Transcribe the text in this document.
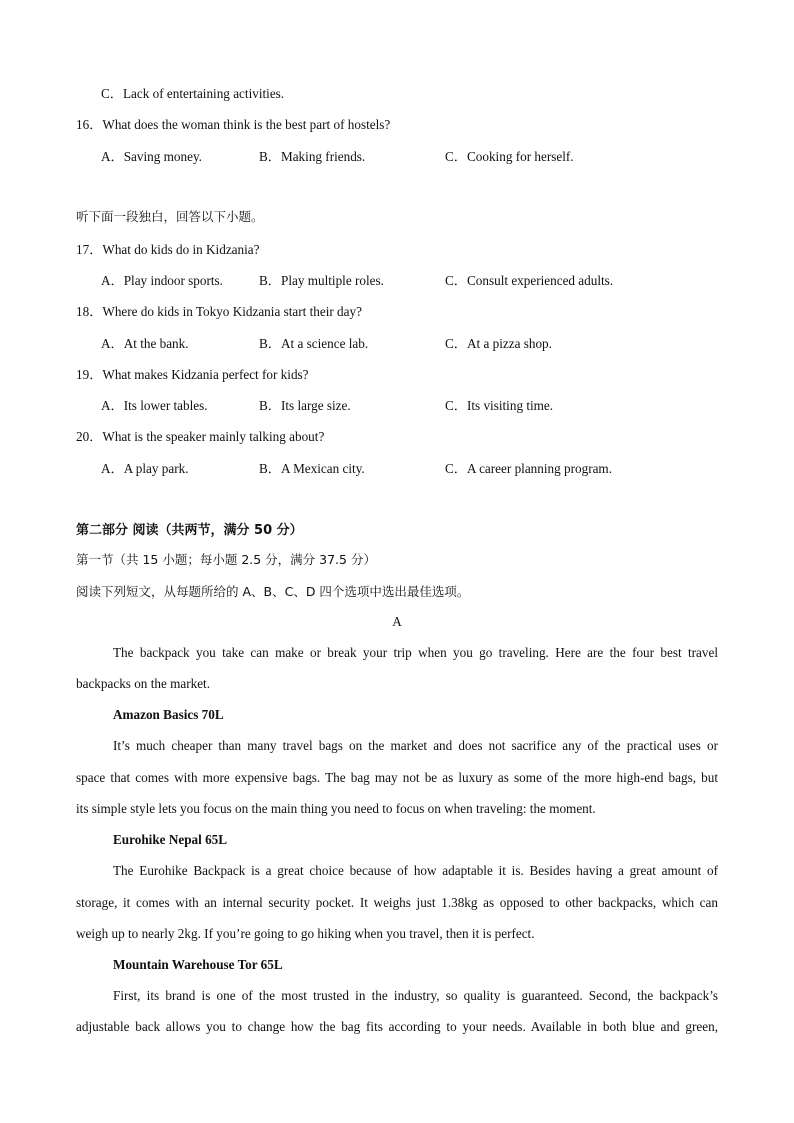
C．Lack of entertaining activities.
16．What does the woman think is the best part of hostels?
A．Saving money.	B．Making friends.	C．Cooking for herself.
听下面一段独白，回答以下小题。
17．What do kids do in Kidzania?
A．Play indoor sports.	B．Play multiple roles.	C．Consult experienced adults.
18．Where do kids in Tokyo Kidzania start their day?
A．At the bank.	B．At a science lab.	C．At a pizza shop.
19．What makes Kidzania perfect for kids?
A．Its lower tables.	B．Its large size.	C．Its visiting time.
20．What is the speaker mainly talking about?
A．A play park.	B．A Mexican city.	C．A career planning program.
第二部分 阅读（共两节，满分 50 分）
第一节（共 15 小题；每小题 2.5 分，满分 37.5 分）
阅读下列短文，从每题所给的 A、B、C、D 四个选项中选出最佳选项。
A
The backpack you take can make or break your trip when you go traveling. Here are the four best travel
backpacks on the market.
Amazon Basics 70L
It’s much cheaper than many travel bags on the market and does not sacrifice any of the practical uses or
space that comes with more expensive bags. The bag may not be as luxury as some of the more high-end bags, but
its simple style lets you focus on the main thing you need to focus on when traveling: the moment.
Eurohike Nepal 65L
The Eurohike Backpack is a great choice because of how adaptable it is. Besides having a great amount of
storage, it comes with an internal security pocket. It weighs just 1.38kg as opposed to other backpacks, which can
weigh up to nearly 2kg. If you’re going to go hiking when you travel, then it is perfect.
Mountain Warehouse Tor 65L
First, its brand is one of the most trusted in the industry, so quality is guaranteed. Second, the backpack’s
adjustable back allows you to change how the bag fits according to your needs. Available in both blue and green,
